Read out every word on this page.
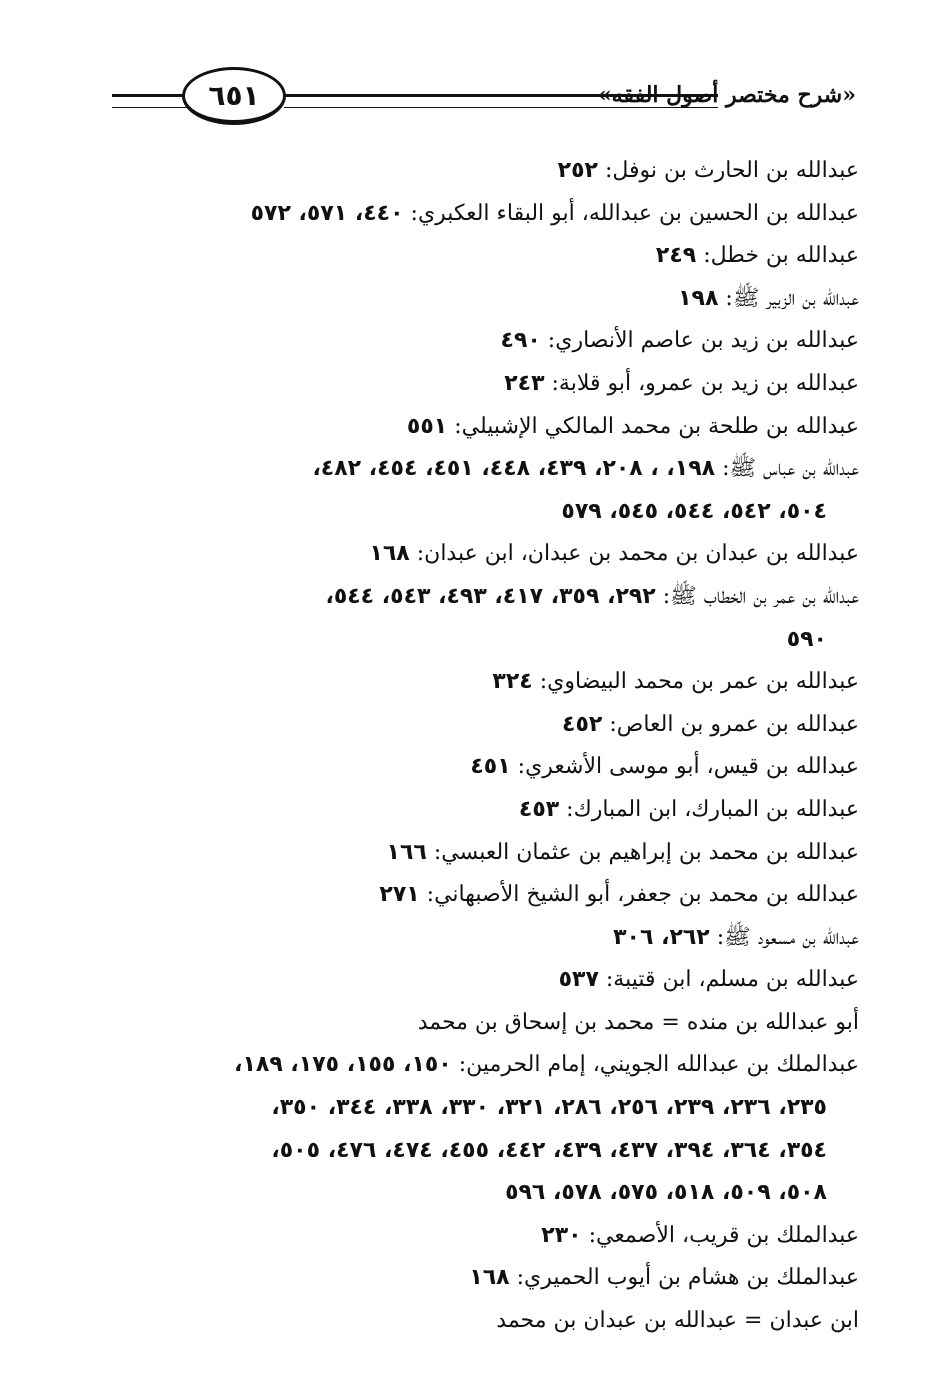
٦٥١	«شرح مختصر أصول الفقه»
عبدالله بن الحارث بن نوفل: ٢٥٢
عبدالله بن الحسين بن عبدالله، أبو البقاء العكبري: ٤٤٠، ٥٧١، ٥٧٢
عبدالله بن خطل: ٢٤٩
عبدالله بن الزبير ﷺ: ١٩٨
عبدالله بن زيد بن عاصم الأنصاري: ٤٩٠
عبدالله بن زيد بن عمرو، أبو قلابة: ٢٤٣
عبدالله بن طلحة بن محمد المالكي الإشبيلي: ٥٥١
عبدالله بن عباس ﷺ: ١٩٨، ، ٢٠٨، ٤٣٩، ٤٤٨، ٤٥١، ٤٥٤، ٤٨٢،
٥٠٤، ٥٤٢، ٥٤٤، ٥٤٥، ٥٧٩
عبدالله بن عبدان بن محمد بن عبدان، ابن عبدان: ١٦٨
عبدالله بن عمر بن الخطاب ﷺ: ٢٩٢، ٣٥٩، ٤١٧، ٤٩٣، ٥٤٣، ٥٤٤،
٥٩٠
عبدالله بن عمر بن محمد البيضاوي: ٣٢٤
عبدالله بن عمرو بن العاص: ٤٥٢
عبدالله بن قيس، أبو موسى الأشعري: ٤٥١
عبدالله بن المبارك، ابن المبارك: ٤٥٣
عبدالله بن محمد بن إبراهيم بن عثمان العبسي: ١٦٦
عبدالله بن محمد بن جعفر، أبو الشيخ الأصبهاني: ٢٧١
عبدالله بن مسعود ﷺ: ٢٦٢، ٣٠٦
عبدالله بن مسلم، ابن قتيبة: ٥٣٧
أبو عبدالله بن منده = محمد بن إسحاق بن محمد
عبدالملك بن عبدالله الجويني، إمام الحرمين: ١٥٠، ١٥٥، ١٧٥، ١٨٩،
٢٣٥، ٢٣٦، ٢٣٩، ٢٥٦، ٢٨٦، ٣٢١، ٣٣٠، ٣٣٨، ٣٤٤، ٣٥٠،
٣٥٤، ٣٦٤، ٣٩٤، ٤٣٧، ٤٣٩، ٤٤٢، ٤٥٥، ٤٧٤، ٤٧٦، ٥٠٥،
٥٠٨، ٥٠٩، ٥١٨، ٥٧٥، ٥٧٨، ٥٩٦
عبدالملك بن قريب، الأصمعي: ٢٣٠
عبدالملك بن هشام بن أيوب الحميري: ١٦٨
ابن عبدان = عبدالله بن عبدان بن محمد
